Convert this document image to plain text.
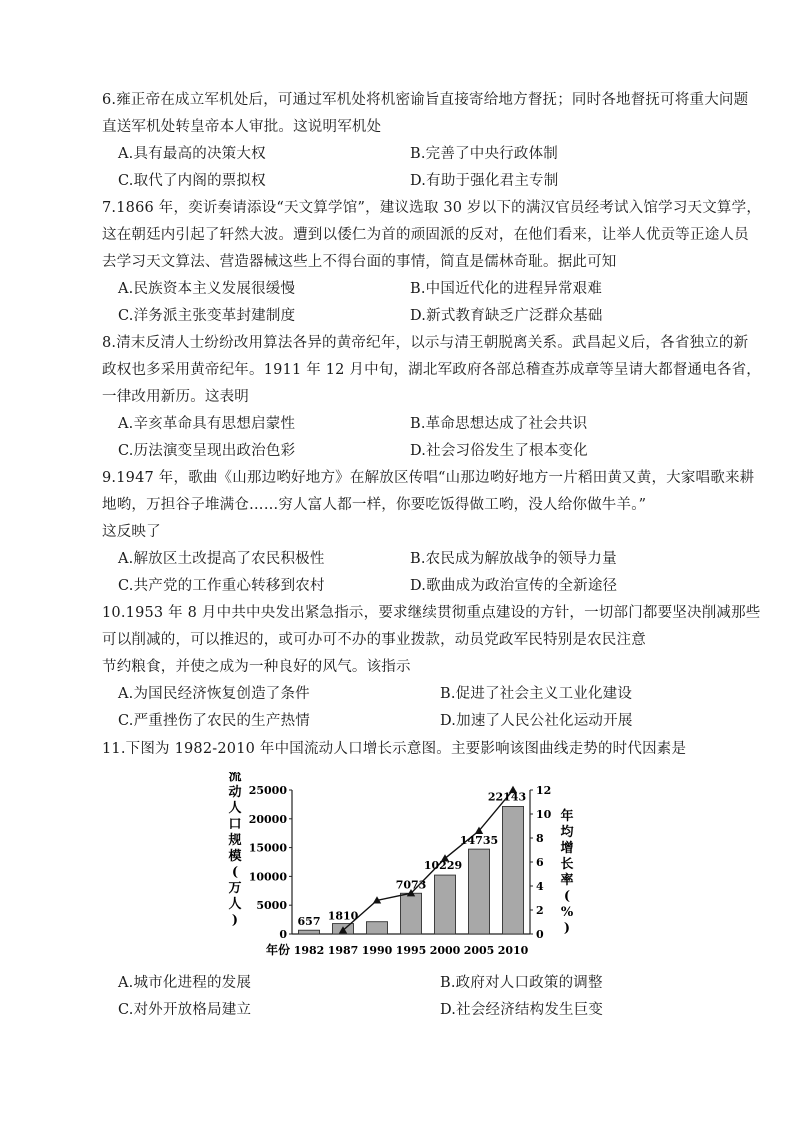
6.雍正帝在成立军机处后，可通过军机处将机密谕旨直接寄给地方督抚；同时各地督抚可将重大问题
直送军机处转皇帝本人审批。这说明军机处
A.具有最高的决策大权	B.完善了中央行政体制
C.取代了内阁的票拟权	D.有助于强化君主专制
7.1866 年，奕䜣奏请添设“天文算学馆”，建议选取 30 岁以下的满汉官员经考试入馆学习天文算学，
这在朝廷内引起了轩然大波。遭到以倭仁为首的顽固派的反对，在他们看来，让举人优贡等正途人员
去学习天文算法、营造器械这些上不得台面的事情，简直是儒林奇耻。据此可知
A.民族资本主义发展很缓慢	B.中国近代化的进程异常艰难
C.洋务派主张变革封建制度	D.新式教育缺乏广泛群众基础
8.清末反清人士纷纷改用算法各异的黄帝纪年，以示与清王朝脱离关系。武昌起义后，各省独立的新
政权也多采用黄帝纪年。1911 年 12 月中旬，湖北军政府各部总稽查苏成章等呈请大都督通电各省，
一律改用新历。这表明
A.辛亥革命具有思想启蒙性	B.革命思想达成了社会共识
C.历法演变呈现出政治色彩	D.社会习俗发生了根本变化
9.1947 年，歌曲《山那边哟好地方》在解放区传唱“山那边哟好地方一片稻田黄又黄，大家唱歌来耕
地哟，万担谷子堆满仓……穷人富人都一样，你要吃饭得做工哟，没人给你做牛羊。”
这反映了
A.解放区土改提高了农民积极性	B.农民成为解放战争的领导力量
C.共产党的工作重心转移到农村	D.歌曲成为政治宣传的全新途径
10.1953 年 8 月中共中央发出紧急指示，要求继续贯彻重点建设的方针，一切部门都要坚决削减那些
可以削减的，可以推迟的，或可办可不办的事业拨款，动员党政军民特别是农民注意
节约粮食，并使之成为一种良好的风气。该指示
A.为国民经济恢复创造了条件	B.促进了社会主义工业化建设
C.严重挫伤了农民的生产热情	D.加速了人民公社化运动开展
11.下图为 1982-2010 年中国流动人口增长示意图。主要影响该图曲线走势的时代因素是
流
动
人
口
规
模
(
万
人
)
年
均
增
长
率
(
%
)
657 1810
7073
10229
14735
22143
0
5000
10000
15000
20000
25000
0
2
4
6
8
10
12
1982 1987 1990 1995 2000 2005 2010
年份
A.城市化进程的发展	B.政府对人口政策的调整
C.对外开放格局建立	D.社会经济结构发生巨变
